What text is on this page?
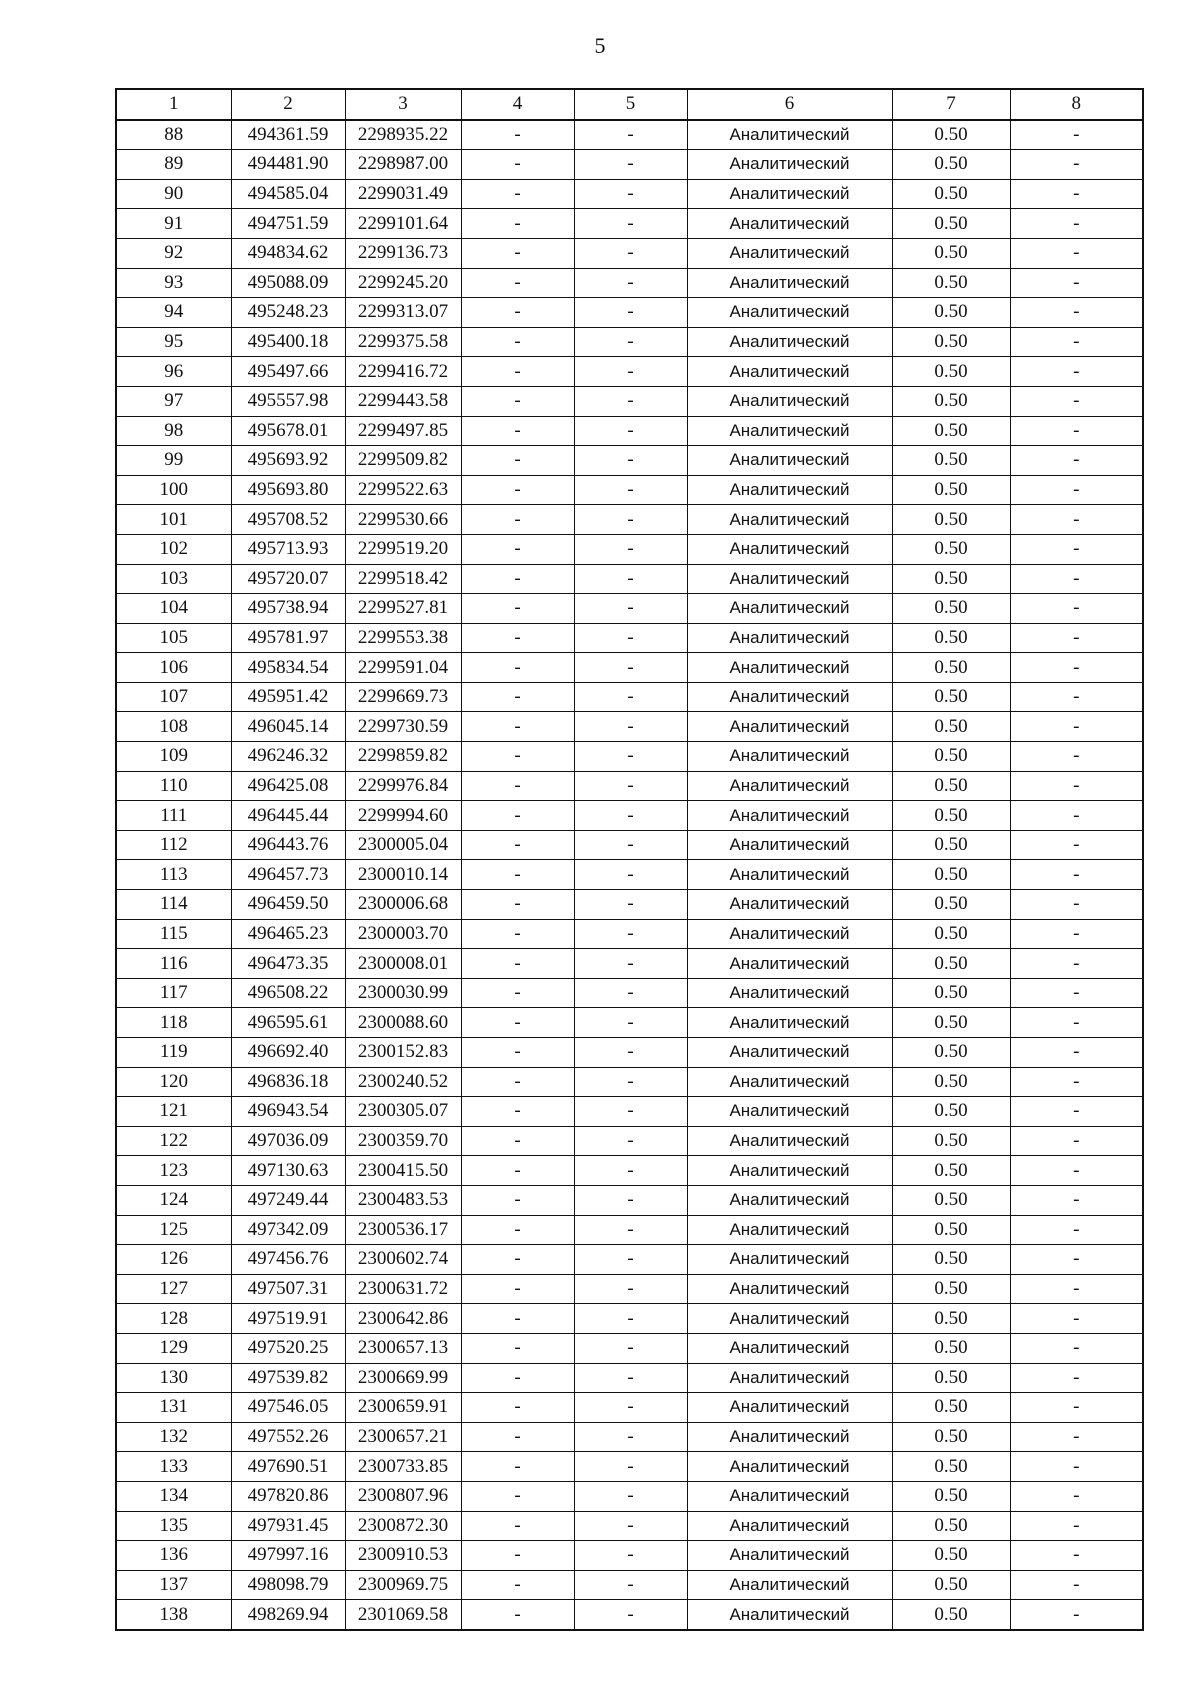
5
1	2	3	4	5	6	7	8
88	494361.59	2298935.22	-	-	Аналитический	0.50	-
89	494481.90	2298987.00	-	-	Аналитический	0.50	-
90	494585.04	2299031.49	-	-	Аналитический	0.50	-
91	494751.59	2299101.64	-	-	Аналитический	0.50	-
92	494834.62	2299136.73	-	-	Аналитический	0.50	-
93	495088.09	2299245.20	-	-	Аналитический	0.50	-
94	495248.23	2299313.07	-	-	Аналитический	0.50	-
95	495400.18	2299375.58	-	-	Аналитический	0.50	-
96	495497.66	2299416.72	-	-	Аналитический	0.50	-
97	495557.98	2299443.58	-	-	Аналитический	0.50	-
98	495678.01	2299497.85	-	-	Аналитический	0.50	-
99	495693.92	2299509.82	-	-	Аналитический	0.50	-
100	495693.80	2299522.63	-	-	Аналитический	0.50	-
101	495708.52	2299530.66	-	-	Аналитический	0.50	-
102	495713.93	2299519.20	-	-	Аналитический	0.50	-
103	495720.07	2299518.42	-	-	Аналитический	0.50	-
104	495738.94	2299527.81	-	-	Аналитический	0.50	-
105	495781.97	2299553.38	-	-	Аналитический	0.50	-
106	495834.54	2299591.04	-	-	Аналитический	0.50	-
107	495951.42	2299669.73	-	-	Аналитический	0.50	-
108	496045.14	2299730.59	-	-	Аналитический	0.50	-
109	496246.32	2299859.82	-	-	Аналитический	0.50	-
110	496425.08	2299976.84	-	-	Аналитический	0.50	-
111	496445.44	2299994.60	-	-	Аналитический	0.50	-
112	496443.76	2300005.04	-	-	Аналитический	0.50	-
113	496457.73	2300010.14	-	-	Аналитический	0.50	-
114	496459.50	2300006.68	-	-	Аналитический	0.50	-
115	496465.23	2300003.70	-	-	Аналитический	0.50	-
116	496473.35	2300008.01	-	-	Аналитический	0.50	-
117	496508.22	2300030.99	-	-	Аналитический	0.50	-
118	496595.61	2300088.60	-	-	Аналитический	0.50	-
119	496692.40	2300152.83	-	-	Аналитический	0.50	-
120	496836.18	2300240.52	-	-	Аналитический	0.50	-
121	496943.54	2300305.07	-	-	Аналитический	0.50	-
122	497036.09	2300359.70	-	-	Аналитический	0.50	-
123	497130.63	2300415.50	-	-	Аналитический	0.50	-
124	497249.44	2300483.53	-	-	Аналитический	0.50	-
125	497342.09	2300536.17	-	-	Аналитический	0.50	-
126	497456.76	2300602.74	-	-	Аналитический	0.50	-
127	497507.31	2300631.72	-	-	Аналитический	0.50	-
128	497519.91	2300642.86	-	-	Аналитический	0.50	-
129	497520.25	2300657.13	-	-	Аналитический	0.50	-
130	497539.82	2300669.99	-	-	Аналитический	0.50	-
131	497546.05	2300659.91	-	-	Аналитический	0.50	-
132	497552.26	2300657.21	-	-	Аналитический	0.50	-
133	497690.51	2300733.85	-	-	Аналитический	0.50	-
134	497820.86	2300807.96	-	-	Аналитический	0.50	-
135	497931.45	2300872.30	-	-	Аналитический	0.50	-
136	497997.16	2300910.53	-	-	Аналитический	0.50	-
137	498098.79	2300969.75	-	-	Аналитический	0.50	-
138	498269.94	2301069.58	-	-	Аналитический	0.50	-
